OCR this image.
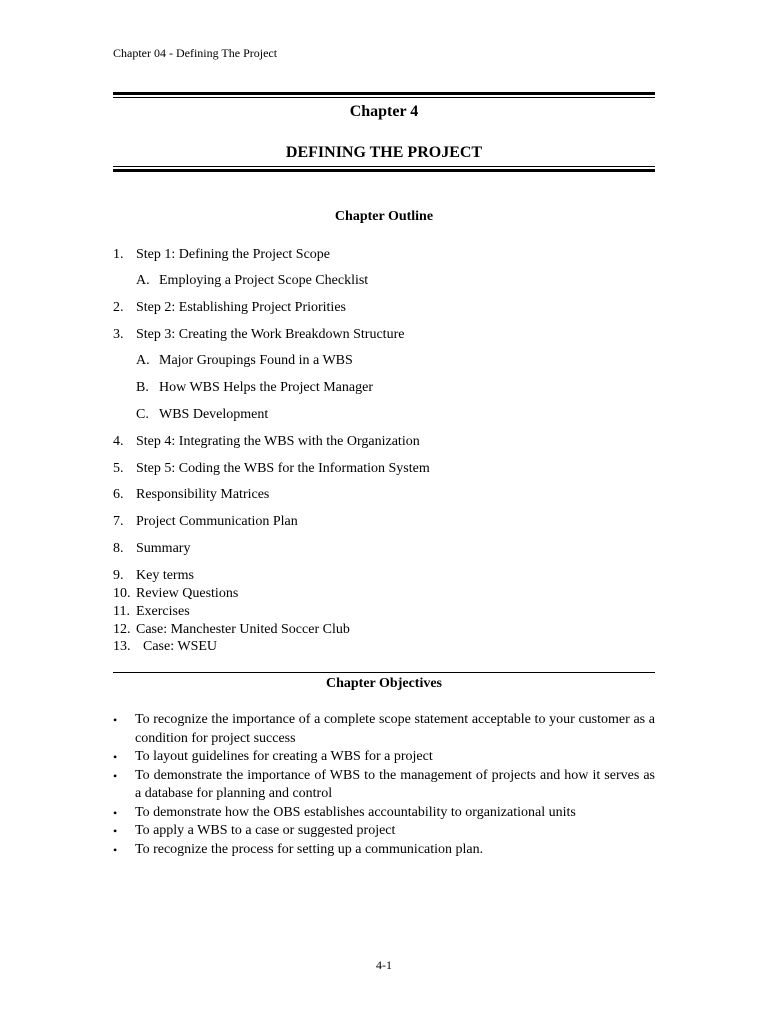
Chapter 04 - Defining The Project
Chapter 4
DEFINING THE PROJECT
Chapter Outline
1. Step 1: Defining the Project Scope
A. Employing a Project Scope Checklist
2. Step 2: Establishing Project Priorities
3. Step 3: Creating the Work Breakdown Structure
A. Major Groupings Found in a WBS
B. How WBS Helps the Project Manager
C. WBS Development
4. Step 4: Integrating the WBS with the Organization
5. Step 5: Coding the WBS for the Information System
6. Responsibility Matrices
7. Project Communication Plan
8. Summary
9. Key terms
10. Review Questions
11. Exercises
12. Case: Manchester United Soccer Club
13. Case: WSEU
Chapter Objectives
• To recognize the importance of a complete scope statement acceptable to your customer as a condition for project success
• To layout guidelines for creating a WBS for a project
• To demonstrate the importance of WBS to the management of projects and how it serves as a database for planning and control
• To demonstrate how the OBS establishes accountability to organizational units
• To apply a WBS to a case or suggested project
• To recognize the process for setting up a communication plan.
4-1
